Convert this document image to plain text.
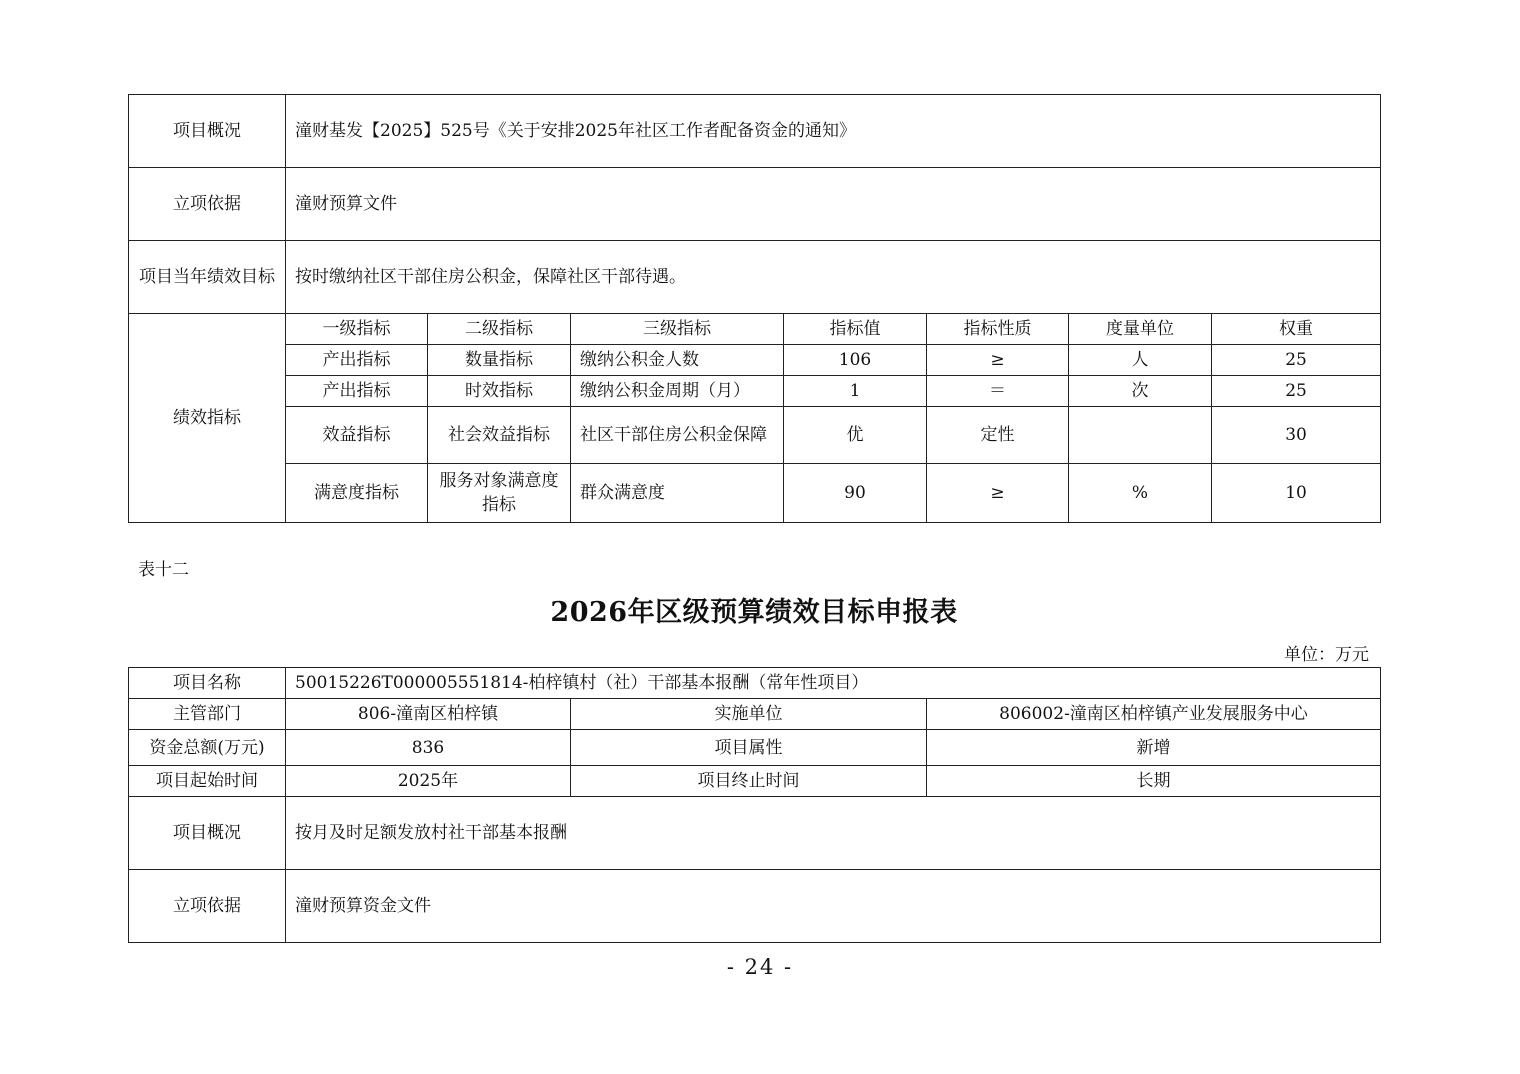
项目概况	潼财基发【2025】525号《关于安排2025年社区工作者配备资金的通知》						
立项依据	潼财预算文件						
项目当年绩效目标	按时缴纳社区干部住房公积金，保障社区干部待遇。						
绩效指标	一级指标	二级指标	三级指标	指标值	指标性质	度量单位	权重
	产出指标	数量指标	缴纳公积金人数	106	≥	人	25
	产出指标	时效指标	缴纳公积金周期（月）	1	＝	次	25
	效益指标	社会效益指标	社区干部住房公积金保障	优	定性		30
	满意度指标	服务对象满意度指标	群众满意度	90	≥	%	10
表十二
2026年区级预算绩效目标申报表
单位：万元
项目名称	50015226T000005551814-柏梓镇村（社）干部基本报酬（常年性项目）		
主管部门	806-潼南区柏梓镇	实施单位	806002-潼南区柏梓镇产业发展服务中心
资金总额(万元)	836	项目属性	新增
项目起始时间	2025年	项目终止时间	长期
项目概况	按月及时足额发放村社干部基本报酬		
立项依据	潼财预算资金文件		
- 24 -
